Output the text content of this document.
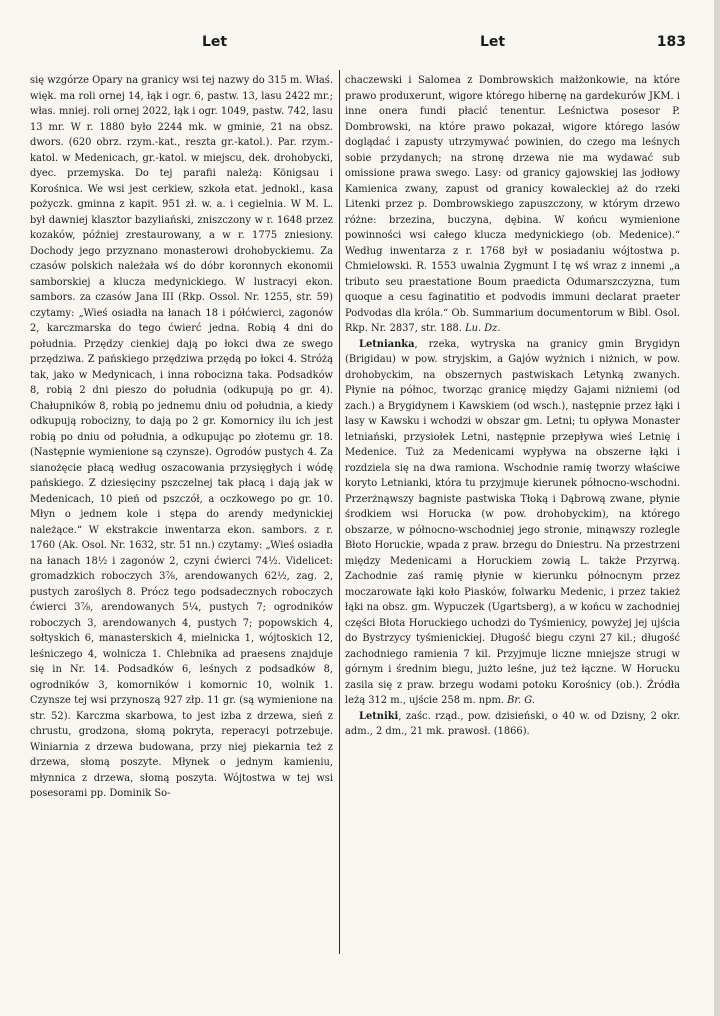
Let	Let	183

się wzgórze Opary na granicy wsi tej nazwy do 315 m. Właś. więk. ma roli ornej 14, łąk i ogr. 6, pastw. 13, lasu 2422 mr.; włas. mniej. roli ornej 2022, łąk i ogr. 1049, pastw. 742, lasu 13 mr. W r. 1880 było 2244 mk. w gminie, 21 na obsz. dwors. (620 obrz. rzym.-kat., reszta gr.-katol.). Par. rzym.-katol. w Medenicach, gr.-katol. w miejscu, dek. drohobycki, dyec. przemyska. Do tej parafii należą: Königsau i Korośnica. We wsi jest cerkiew, szkoła etat. jednokl., kasa pożyczk. gminna z kapit. 951 zł. w. a. i cegielnia. W M. L. był dawniej klasztor bazyliański, zniszczony w r. 1648 przez kozaków, później zrestaurowany, a w r. 1775 zniesiony. Dochody jego przyznano monasterowi drohobyckiemu. Za czasów polskich należała wś do dóbr koronnych ekonomii samborskiej a klucza medynickiego. W lustracyi ekon. sambors. za czasów Jana III (Rkp. Ossol. Nr. 1255, str. 59) czytamy: „Wieś osiadła na łanach 18 i półćwierci, zagonów 2, karczmarska do tego ćwierć jedna. Robią 4 dni do południa. Przędzy cienkiej dają po łokci dwa ze swego przędziwa. Z pańskiego przędziwa przędą po łokci 4. Stróżą tak, jako w Medynicach, i inna robocizna taka. Podsadków 8, robią 2 dni pieszo do południa (odkupują po gr. 4). Chałupników 8, robią po jednemu dniu od południa, a kiedy odkupują robocizny, to dają po 2 gr. Komornicy ilu ich jest robią po dniu od południa, a odkupując po złotemu gr. 18. (Następnie wymienione są czynsze). Ogrodów pustych 4. Za sianożęcie płacą według oszacowania przysięgłych i wódę pańskiego. Z dziesięciny pszczelnej tak płacą i dają jak w Medenicach, 10 pień od pszczół, a oczkowego po gr. 10. Młyn o jednem kole i stępa do arendy medynickiej należące.“ W ekstrakcie inwentarza ekon. sambors. z r. 1760 (Ak. Osol. Nr. 1632, str. 51 nn.) czytamy: „Wieś osiadła na łanach 18½ i zagonów 2, czyni ćwierci 74½. Videlicet: gromadzkich roboczych 3⅞, arendowanych 62½, zag. 2, pustych zaroślych 8. Prócz tego podsadecznych roboczych ćwierci 3⅞, arendowanych 5¼, pustych 7; ogrodników roboczych 3, arendowanych 4, pustych 7; popowskich 4, sołtyskich 6, manasterskich 4, mielnicka 1, wójtoskich 12, leśniczego 4, wolnicza 1. Chlebnika ad praesens znajduje się in Nr. 14. Podsadków 6, leśnych z podsadków 8, ogrodników 3, komorników i komornic 10, wolnik 1. Czynsze tej wsi przynoszą 927 złp. 11 gr. (są wymienione na str. 52). Karczma skarbowa, to jest izba z drzewa, sień z chrustu, grodzona, słomą pokryta, reperacyi potrzebuje. Winiarnia z drzewa budowana, przy niej piekarnia też z drzewa, słomą poszyte. Młynek o jednym kamieniu, młynnica z drzewa, słomą poszyta. Wójtostwa w tej wsi posesorami pp. Dominik So-

chaczewski i Salomea z Dombrowskich małżonkowie, na które prawo produxerunt, wigore którego hibernę na gardekurów JKM. i inne onera fundi płacić tenentur. Leśnictwa posesor P. Dombrowski, na które prawo pokazał, wigore którego lasów doglądać i zapusty utrzymywać powinien, do czego ma leśnych sobie przydanych; na stronę drzewa nie ma wydawać sub omissione prawa swego. Lasy: od granicy gajowskiej las jodłowy Kamienica zwany, zapust od granicy kowaleckiej aż do rzeki Litenki przez p. Dombrowskiego zapuszczony, w którym drzewo różne: brzezina, buczyna, dębina. W końcu wymienione powinności wsi całego klucza medynickiego (ob. Medenice).“ Według inwentarza z r. 1768 był w posiadaniu wójtostwa p. Chmielowski. R. 1553 uwalnia Zygmunt I tę wś wraz z innemi „a tributo seu praestatione Boum praedicta Odumarszczyzna, tum quoque a cesu faginatitio et podvodis immuni declarat praeter Podvodas dla króla.“ Ob. Summarium documentorum w Bibl. Osol. Rkp. Nr. 2837, str. 188. Lu. Dz.

Letnianka, rzeka, wytryska na granicy gmin Brygidyn (Brigidau) w pow. stryjskim, a Gajów wyżnich i niżnich, w pow. drohobyckim, na obszernych pastwiskach Letynką zwanych. Płynie na północ, tworząc granicę między Gajami niżniemi (od zach.) a Brygidynem i Kawskiem (od wsch.), następnie przez łąki i lasy w Kawsku i wchodzi w obszar gm. Letni; tu opływa Monaster letniański, przysiołek Letni, następnie przepływa wieś Letnię i Medenice. Tuż za Medenicami wypływa na obszerne łąki i rozdziela się na dwa ramiona. Wschodnie ramię tworzy właściwe koryto Letnianki, która tu przyjmuje kierunek północno-wschodni. Przerżnąwszy bagniste pastwiska Tłoką i Dąbrową zwane, płynie środkiem wsi Horucka (w pow. drohobyckim), na którego obszarze, w północno-wschodniej jego stronie, minąwszy rozlegle Błoto Horuckie, wpada z praw. brzegu do Dniestru. Na przestrzeni między Medenicami a Horuckiem zowią L. także Przyrwą. Zachodnie zaś ramię płynie w kierunku północnym przez moczarowate łąki koło Piasków, folwarku Medenic, i przez takież łąki na obsz. gm. Wypuczek (Ugartsberg), a w końcu w zachodniej części Błota Horuckiego uchodzi do Tyśmienicy, powyżej jej ujścia do Bystrzycy tyśmienickiej. Długość biegu czyni 27 kil.; długość zachodniego ramienia 7 kil. Przyjmuje liczne mniejsze strugi w górnym i średnim biegu, jużto leśne, już też łączne. W Horucku zasila się z praw. brzegu wodami potoku Korośnicy (ob.). Źródła leżą 312 m., ujście 258 m. npm. Br. G.

Letniki, zaśc. rząd., pow. dzisieński, o 40 w. od Dzisny, 2 okr. adm., 2 dm., 21 mk. prawosł. (1866).
